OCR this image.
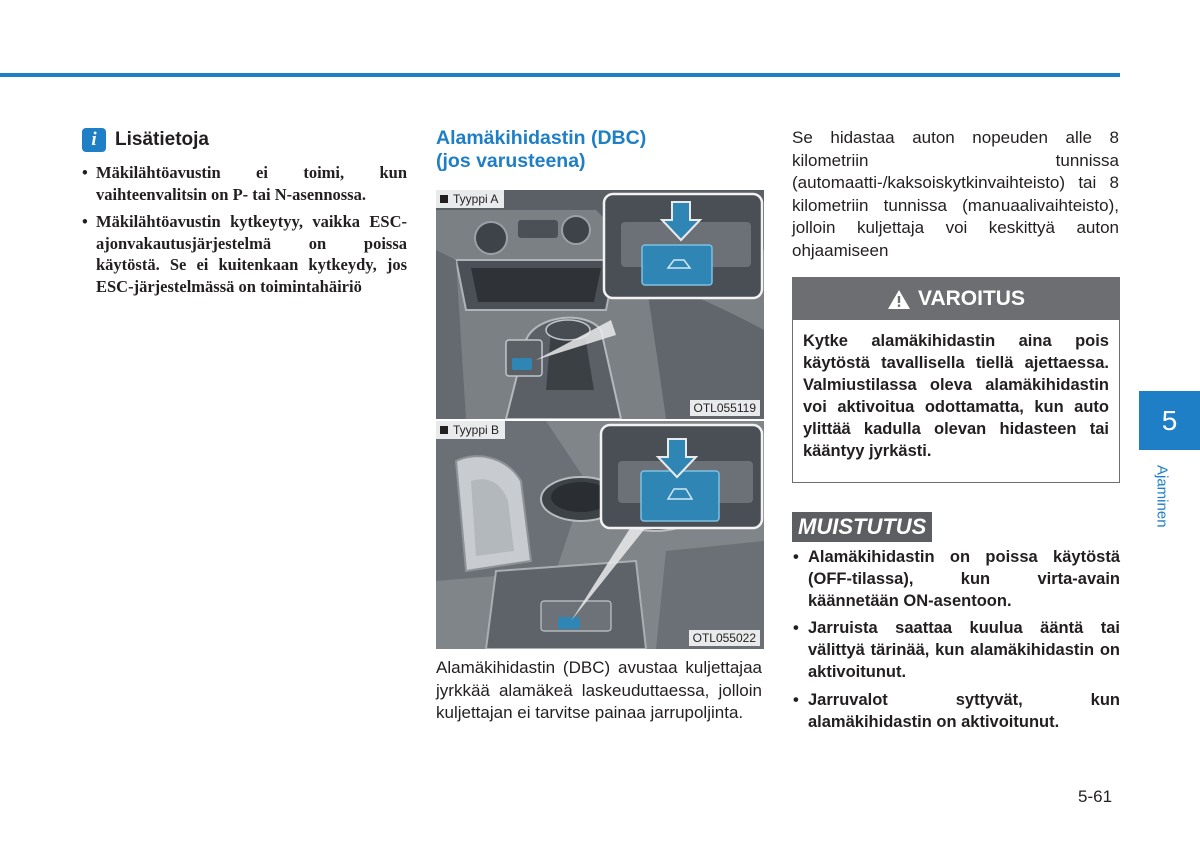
i Lisätietoja
• Mäkilähtöavustin ei toimi, kun vaihteenvalitsin on P- tai N-asennossa.
• Mäkilähtöavustin kytkeytyy, vaikka ESC-ajonvakautusjärjestelmä on poissa käytöstä. Se ei kuitenkaan kytkeydy, jos ESC-järjestelmässä on toimintahäiriö
Alamäkihidastin (DBC)
(jos varusteena)
Tyyppi A
OTL055119
Tyyppi B
OTL055022

Alamäkihidastin (DBC) avustaa kuljettajaa jyrkkää alamäkeä laskeuduttaessa, jolloin kuljettajan ei tarvitse painaa jarrupoljinta.

Se hidastaa auton nopeuden alle 8 kilometriin tunnissa (automaatti-/kaksoiskytkinvaihteisto) tai 8 kilometriin tunnissa (manuaalivaihteisto), jolloin kuljettaja voi keskittyä auton ohjaamiseen

VAROITUS

Kytke alamäkihidastin aina pois käytöstä tavallisella tiellä ajettaessa. Valmiustilassa oleva alamäkihidastin voi aktivoitua odottamatta, kun auto ylittää kadulla olevan hidasteen tai kääntyy jyrkästi.

MUISTUTUS
• Alamäkihidastin on poissa käytöstä (OFF-tilassa), kun virta-avain käännetään ON-asentoon.
• Jarruista saattaa kuulua ääntä tai välittyä tärinää, kun alamäkihidastin on aktivoitunut.
• Jarruvalot syttyvät, kun alamäkihidastin on aktivoitunut.
5
Ajaminen
5-61
